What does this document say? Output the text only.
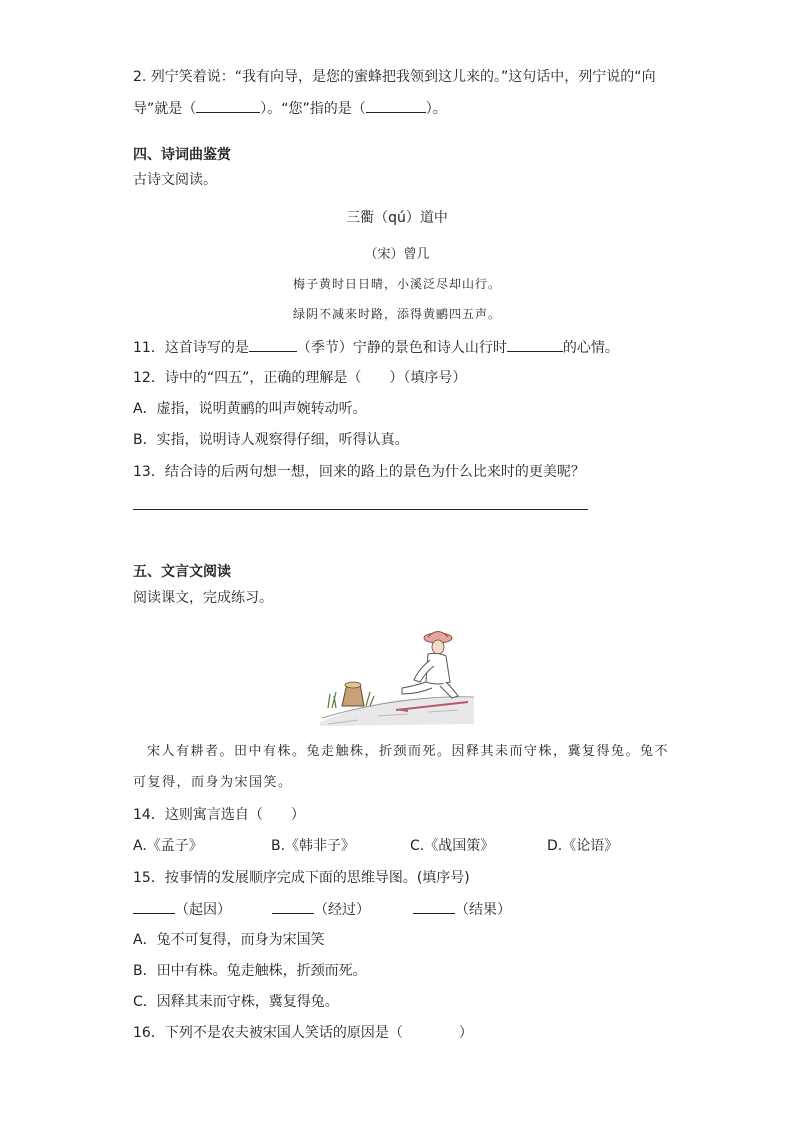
2. 列宁笑着说：“我有向导，是您的蜜蜂把我领到这儿来的。”这句话中，列宁说的“向
导”就是（	）。“您”指的是（	）。
四、诗词曲鉴赏
古诗文阅读。
三衢（qú）道中
（宋）曾几
梅子黄时日日晴，小溪泛尽却山行。
绿阴不减来时路，添得黄鹂四五声。
11．这首诗写的是	（季节）宁静的景色和诗人山行时	的心情。
12．诗中的“四五”，正确的理解是（　　）（填序号）
A．虚指，说明黄鹂的叫声婉转动听。
B．实指，说明诗人观察得仔细，听得认真。
13．结合诗的后两句想一想，回来的路上的景色为什么比来时的更美呢？
五、文言文阅读
阅读课文，完成练习。
宋人有耕者。田中有株。兔走触株，折颈而死。因释其耒而守株，冀复得兔。兔不
可复得，而身为宋国笑。
14．这则寓言选自（　　）
A.《孟子》	B.《韩非子》	C.《战国策》	D.《论语》
15．按事情的发展顺序完成下面的思维导图。(填序号)
（起因）	（经过）	（结果）
A．兔不可复得，而身为宋国笑
B．田中有株。兔走触株，折颈而死。
C．因释其耒而守株，冀复得兔。
16．下列不是农夫被宋国人笑话的原因是（　　　　）
